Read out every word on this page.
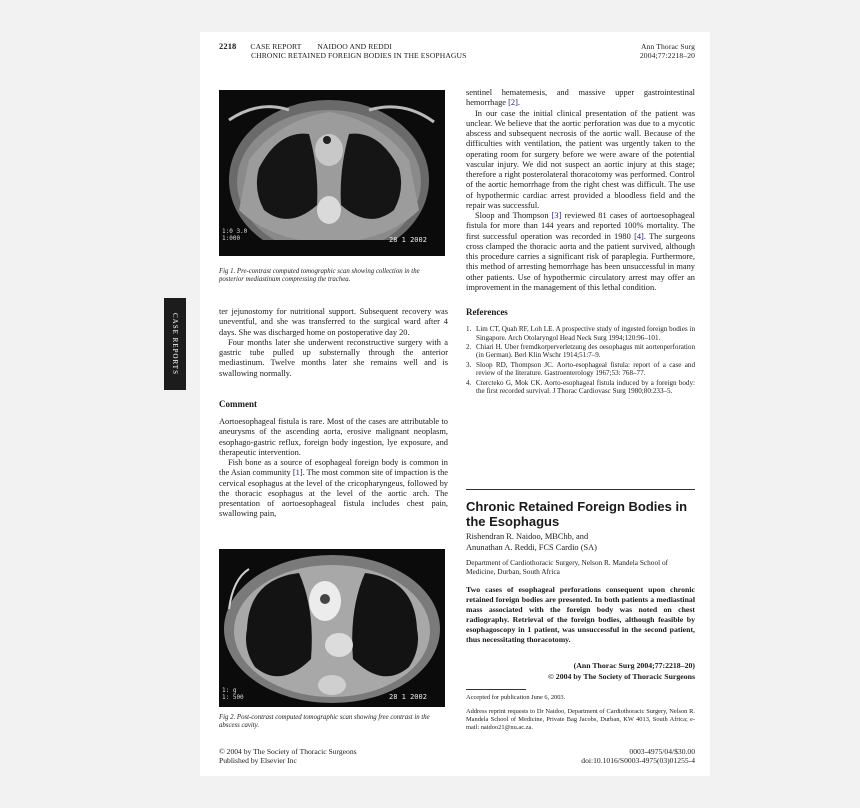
2218 CASE REPORT NAIDOO AND REDDI
CHRONIC RETAINED FOREIGN BODIES IN THE ESOPHAGUS
Ann Thorac Surg
2004;77:2218–20
CASE REPORTS
1:0 3.0
1:000	28 1 2002
Fig 1. Pre-contrast computed tomographic scan showing collection in the posterior mediastinum compressing the trachea.

ter jejunostomy for nutritional support. Subsequent recovery was uneventful, and she was transferred to the surgical ward after 4 days. She was discharged home on postoperative day 20.

Four months later she underwent reconstructive surgery with a gastric tube pulled up substernally through the anterior mediastinum. Twelve months later she remains well and is swallowing normally.

Comment

Aortoesophageal fistula is rare. Most of the cases are attributable to aneurysms of the ascending aorta, erosive malignant neoplasm, esophago-gastric reflux, foreign body ingestion, lye exposure, and therapeutic intervention.

Fish bone as a source of esophageal foreign body is common in the Asian community [1]. The most common site of impaction is the cervical esophagus at the level of the cricopharyngeus, followed by the thoracic esophagus at the level of the aortic arch. The presentation of aortoesophageal fistula includes chest pain, swallowing pain,

1: g
1: 500	28 1 2002
Fig 2. Post-contrast computed tomographic scan showing free contrast in the abscess cavity.

sentinel hematemesis, and massive upper gastrointestinal hemorrhage [2].

In our case the initial clinical presentation of the patient was unclear. We believe that the aortic perforation was due to a mycotic abscess and subsequent necrosis of the aortic wall. Because of the difficulties with ventilation, the patient was urgently taken to the operating room for surgery before we were aware of the potential vascular injury. We did not suspect an aortic injury at this stage; therefore a right posterolateral thoracotomy was performed. Control of the aortic hemorrhage from the right chest was difficult. The use of hypothermic cardiac arrest provided a bloodless field and the repair was successful.

Sloop and Thompson [3] reviewed 81 cases of aortoesophageal fistula for more than 144 years and reported 100% mortality. The first successful operation was recorded in 1980 [4]. The surgeons cross clamped the thoracic aorta and the patient survived, although this procedure carries a significant risk of paraplegia. Furthermore, this method of arresting hemorrhage has been unsuccessful in many other patients. Use of hypothermic circulatory arrest may offer an improvement in the management of this lethal condition.

References
1. Lim CT, Quah RF, Loh LE. A prospective study of ingested foreign bodies in Singapore. Arch Otolaryngol Head Neck Surg 1994;120:96–101.
2. Chiari H. Uber fremdkorperverletzung des oesophagus mit aortenperforation (in German). Berl Klin Wschr 1914;51:7–9.
3. Sloop RD, Thompson JC. Aorto-esophageal fistula: report of a case and review of the literature. Gastroenterology 1967;53: 768–77.
4. Ctercteko G, Mok CK. Aorto-esophageal fistula induced by a foreign body: the first recorded survival. J Thorac Cardiovasc Surg 1980;80:233–5.
Chronic Retained Foreign Bodies in the Esophagus
Rishendran R. Naidoo, MBChb, and
Anunathan A. Reddi, FCS Cardio (SA)
Department of Cardiothoracic Surgery, Nelson R. Mandela School of Medicine, Durban, South Africa
Two cases of esophageal perforations consequent upon chronic retained foreign bodies are presented. In both patients a mediastinal mass associated with the foreign body was noted on chest radiography. Retrieval of the foreign bodies, although feasible by esophagoscopy in 1 patient, was unsuccessful in the second patient, thus necessitating thoracotomy.
(Ann Thorac Surg 2004;77:2218–20)
© 2004 by The Society of Thoracic Surgeons
Accepted for publication June 6, 2003.
Address reprint requests to Dr Naidoo, Department of Cardiothoracic Surgery, Nelson R. Mandela School of Medicine, Private Bag Jacobs, Durban, KW 4013, South Africa; e-mail: naidoo21@nu.ac.za.
© 2004 by The Society of Thoracic Surgeons
Published by Elsevier Inc
0003-4975/04/$30.00
doi:10.1016/S0003-4975(03)01255-4
